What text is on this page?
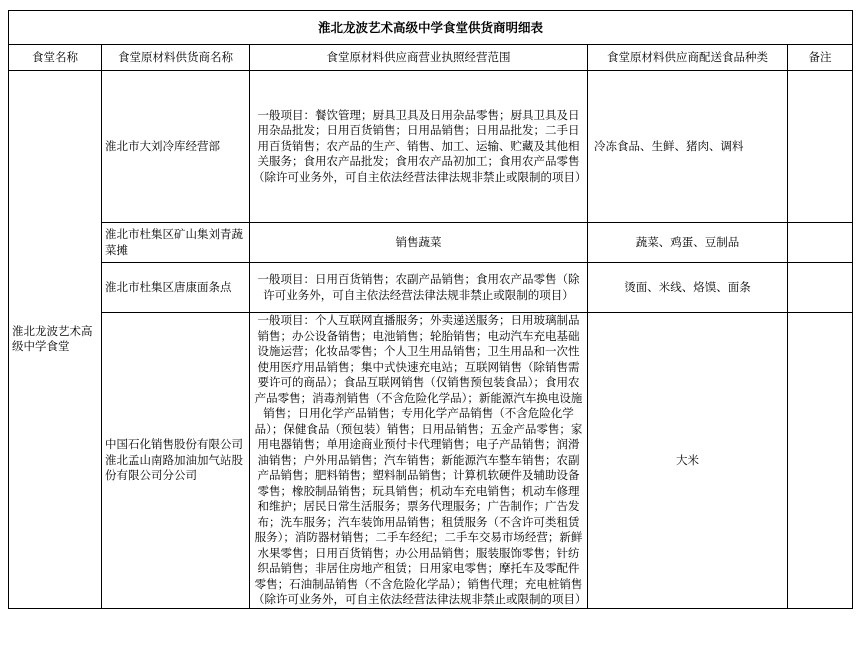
淮北龙波艺术高级中学食堂供货商明细表				
食堂名称	食堂原材料供货商名称	食堂原材料供应商营业执照经营范围	食堂原材料供应商配送食品种类	备注
淮北龙波艺术高级中学食堂	淮北市大刘冷库经营部	一般项目：餐饮管理；厨具卫具及日用杂品零售；厨具卫具及日用杂品批发；日用百货销售；日用品销售；日用品批发；二手日用百货销售；农产品的生产、销售、加工、运输、贮藏及其他相关服务；食用农产品批发；食用农产品初加工；食用农产品零售（除许可业务外，可自主依法经营法律法规非禁止或限制的项目）	冷冻食品、生鲜、猪肉、调料	
	淮北市杜集区矿山集刘青蔬菜摊	销售蔬菜	蔬菜、鸡蛋、豆制品	
	淮北市杜集区唐康面条点	一般项目：日用百货销售；农副产品销售；食用农产品零售（除许可业务外，可自主依法经营法律法规非禁止或限制的项目）	烫面、米线、烙馍、面条	
	中国石化销售股份有限公司淮北孟山南路加油加气站股份有限公司分公司	一般项目：个人互联网直播服务；外卖递送服务；日用玻璃制品销售；办公设备销售；电池销售；轮胎销售；电动汽车充电基础设施运营；化妆品零售；个人卫生用品销售；卫生用品和一次性使用医疗用品销售；集中式快速充电站；互联网销售（除销售需要许可的商品）；食品互联网销售（仅销售预包装食品）；食用农产品零售；消毒剂销售（不含危险化学品）；新能源汽车换电设施销售；日用化学产品销售；专用化学产品销售（不含危险化学品）；保健食品（预包装）销售；日用品销售；五金产品零售；家用电器销售；单用途商业预付卡代理销售；电子产品销售；润滑油销售；户外用品销售；汽车销售；新能源汽车整车销售；农副产品销售；肥料销售；塑料制品销售；计算机软硬件及辅助设备零售；橡胶制品销售；玩具销售；机动车充电销售；机动车修理和维护；居民日常生活服务；票务代理服务；广告制作；广告发布；洗车服务；汽车装饰用品销售；租赁服务（不含许可类租赁服务）；消防器材销售；二手车经纪；二手车交易市场经营；新鲜水果零售；日用百货销售；办公用品销售；服装服饰零售；针纺织品销售；非居住房地产租赁；日用家电零售；摩托车及零配件零售；石油制品销售（不含危险化学品）；销售代理；充电桩销售（除许可业务外，可自主依法经营法律法规非禁止或限制的项目）	大米	
